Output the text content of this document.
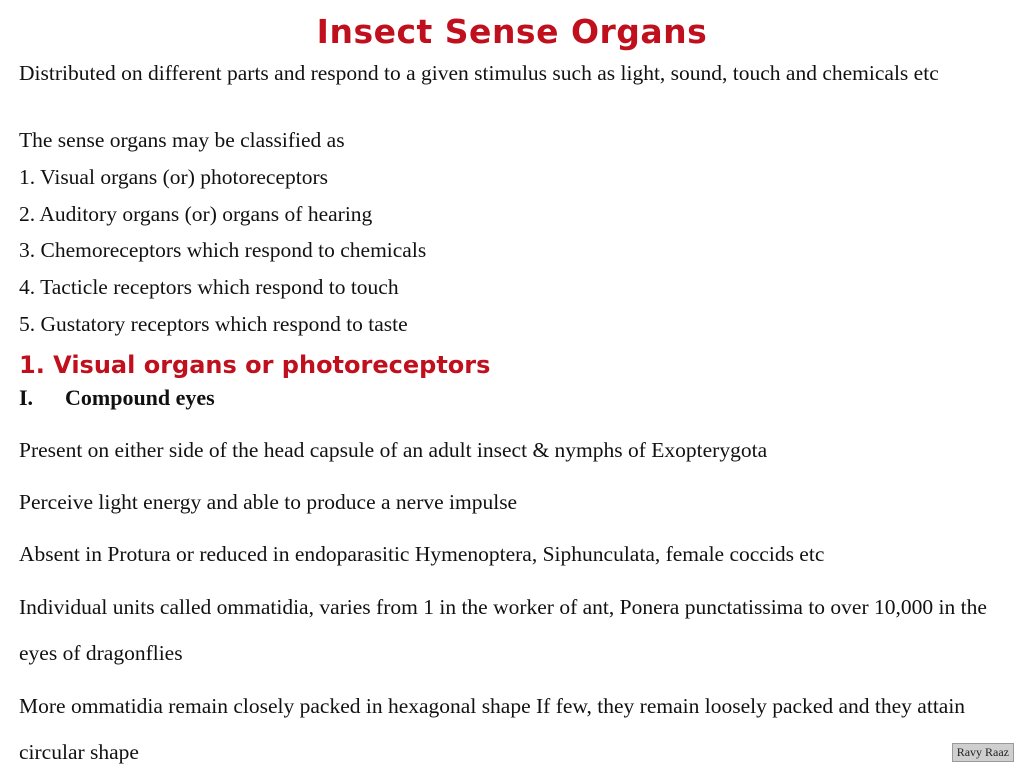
Insect Sense Organs

Distributed on different parts and respond to a given stimulus such as light, sound, touch and chemicals etc

The sense organs may be classified as

1. Visual organs (or) photoreceptors

2. Auditory organs (or) organs of hearing

3. Chemoreceptors which respond to chemicals

4. Tacticle receptors which respond to touch

5. Gustatory receptors which respond to taste

1. Visual organs or photoreceptors
I. Compound eyes

Present on either side of the head capsule of an adult insect & nymphs of Exopterygota

Perceive light energy and able to produce a nerve impulse

Absent in Protura or reduced in endoparasitic Hymenoptera, Siphunculata, female coccids etc

Individual units called ommatidia, varies from 1 in the worker of ant, Ponera punctatissima to over 10,000 in the eyes of dragonflies

More ommatidia remain closely packed in hexagonal shape If few, they remain loosely packed and they attain circular shape	Ravy Raaz
